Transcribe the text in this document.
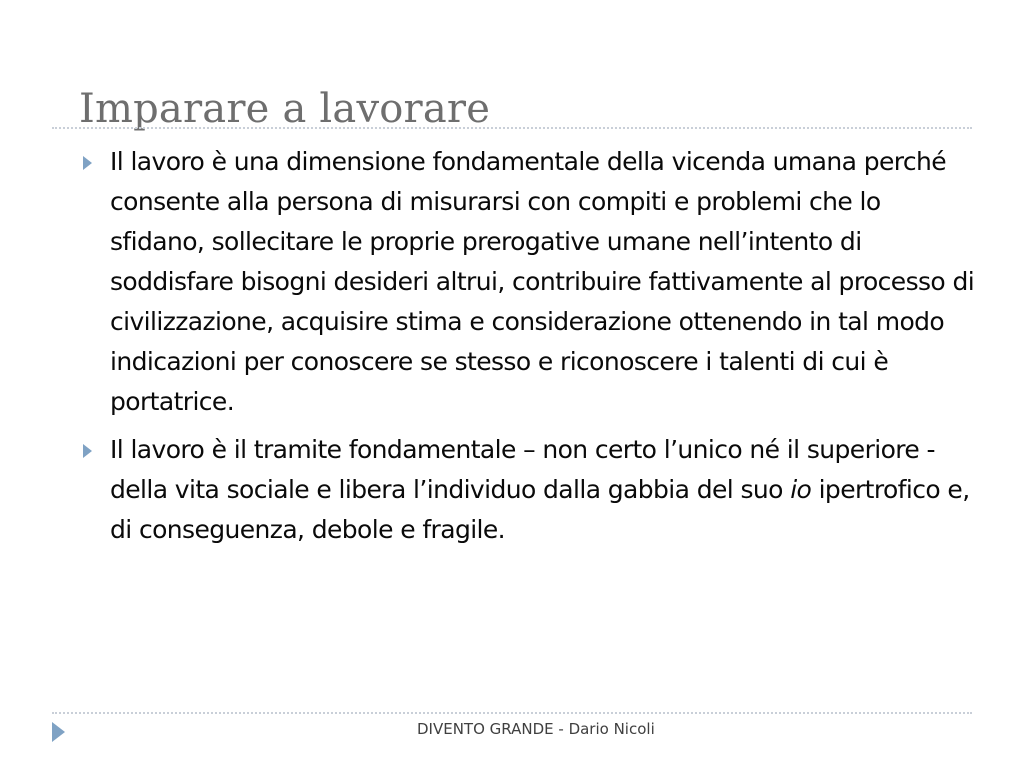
Imparare a lavorare
Il lavoro è una dimensione fondamentale della vicenda umana perché consente alla persona di misurarsi con compiti e problemi che lo sfidano, sollecitare le proprie prerogative umane nell’intento di soddisfare bisogni desideri altrui, contribuire fattivamente al processo di civilizzazione, acquisire stima e considerazione ottenendo in tal modo indicazioni per conoscere se stesso e riconoscere i talenti di cui è portatrice.
Il lavoro è il tramite fondamentale – non certo l’unico né il superiore - della vita sociale e libera l’individuo dalla gabbia del suo io ipertrofico e, di conseguenza, debole e fragile.
DIVENTO GRANDE - Dario Nicoli
